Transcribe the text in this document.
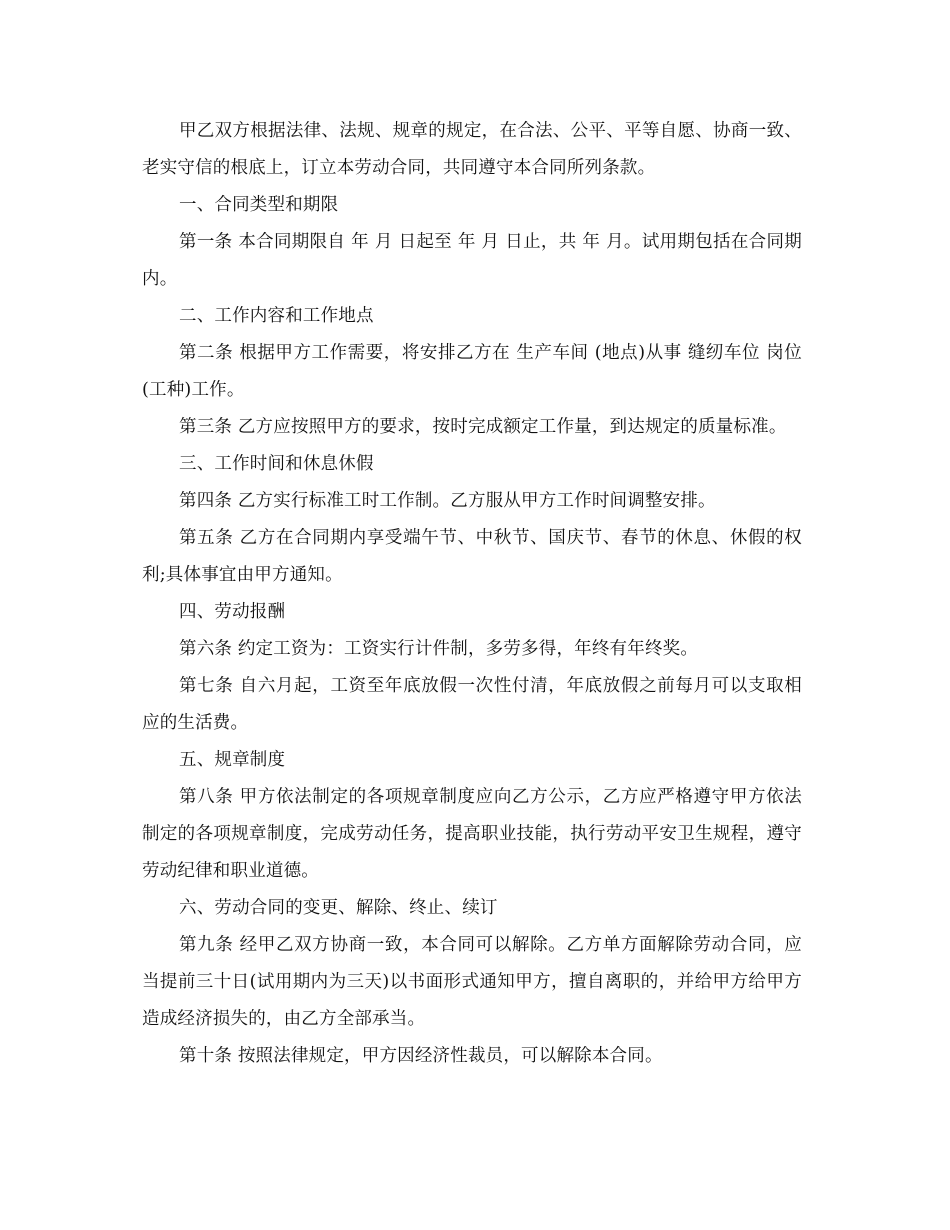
甲乙双方根据法律、法规、规章的规定，在合法、公平、平等自愿、协商一致、老实守信的根底上，订立本劳动合同，共同遵守本合同所列条款。

一、合同类型和期限

第一条 本合同期限自 年 月 日起至 年 月 日止，共 年 月。试用期包括在合同期内。

二、工作内容和工作地点

第二条 根据甲方工作需要，将安排乙方在 生产车间 (地点)从事 缝纫车位 岗位(工种)工作。

第三条 乙方应按照甲方的要求，按时完成额定工作量，到达规定的质量标准。

三、工作时间和休息休假

第四条 乙方实行标准工时工作制。乙方服从甲方工作时间调整安排。

第五条 乙方在合同期内享受端午节、中秋节、国庆节、春节的休息、休假的权利;具体事宜由甲方通知。

四、劳动报酬

第六条 约定工资为：工资实行计件制，多劳多得，年终有年终奖。

第七条 自六月起，工资至年底放假一次性付清，年底放假之前每月可以支取相应的生活费。

五、规章制度

第八条 甲方依法制定的各项规章制度应向乙方公示，乙方应严格遵守甲方依法制定的各项规章制度，完成劳动任务，提高职业技能，执行劳动平安卫生规程，遵守劳动纪律和职业道德。

六、劳动合同的变更、解除、终止、续订

第九条 经甲乙双方协商一致，本合同可以解除。乙方单方面解除劳动合同，应当提前三十日(试用期内为三天)以书面形式通知甲方，擅自离职的，并给甲方给甲方造成经济损失的，由乙方全部承当。

第十条 按照法律规定，甲方因经济性裁员，可以解除本合同。
